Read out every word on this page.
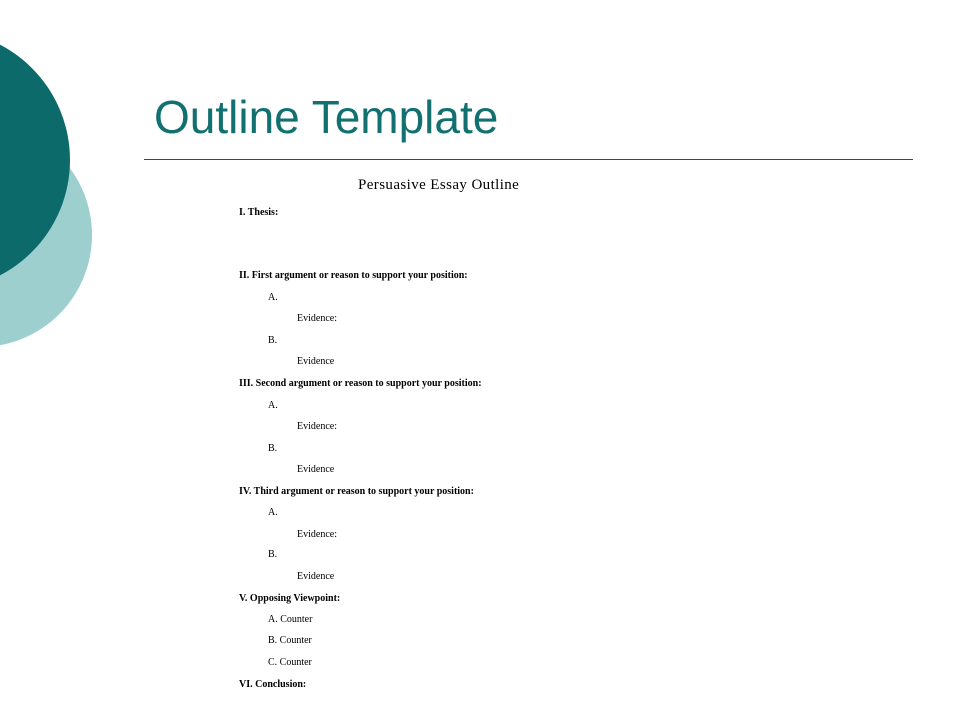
Outline Template
Persuasive Essay Outline
I. Thesis:
II. First argument or reason to support your position:
A.
Evidence:
B.
Evidence
III. Second argument or reason to support your position:
A.
Evidence:
B.
Evidence
IV. Third argument or reason to support your position:
A.
Evidence:
B.
Evidence
V. Opposing Viewpoint:
A. Counter
B. Counter
C. Counter
VI. Conclusion:
